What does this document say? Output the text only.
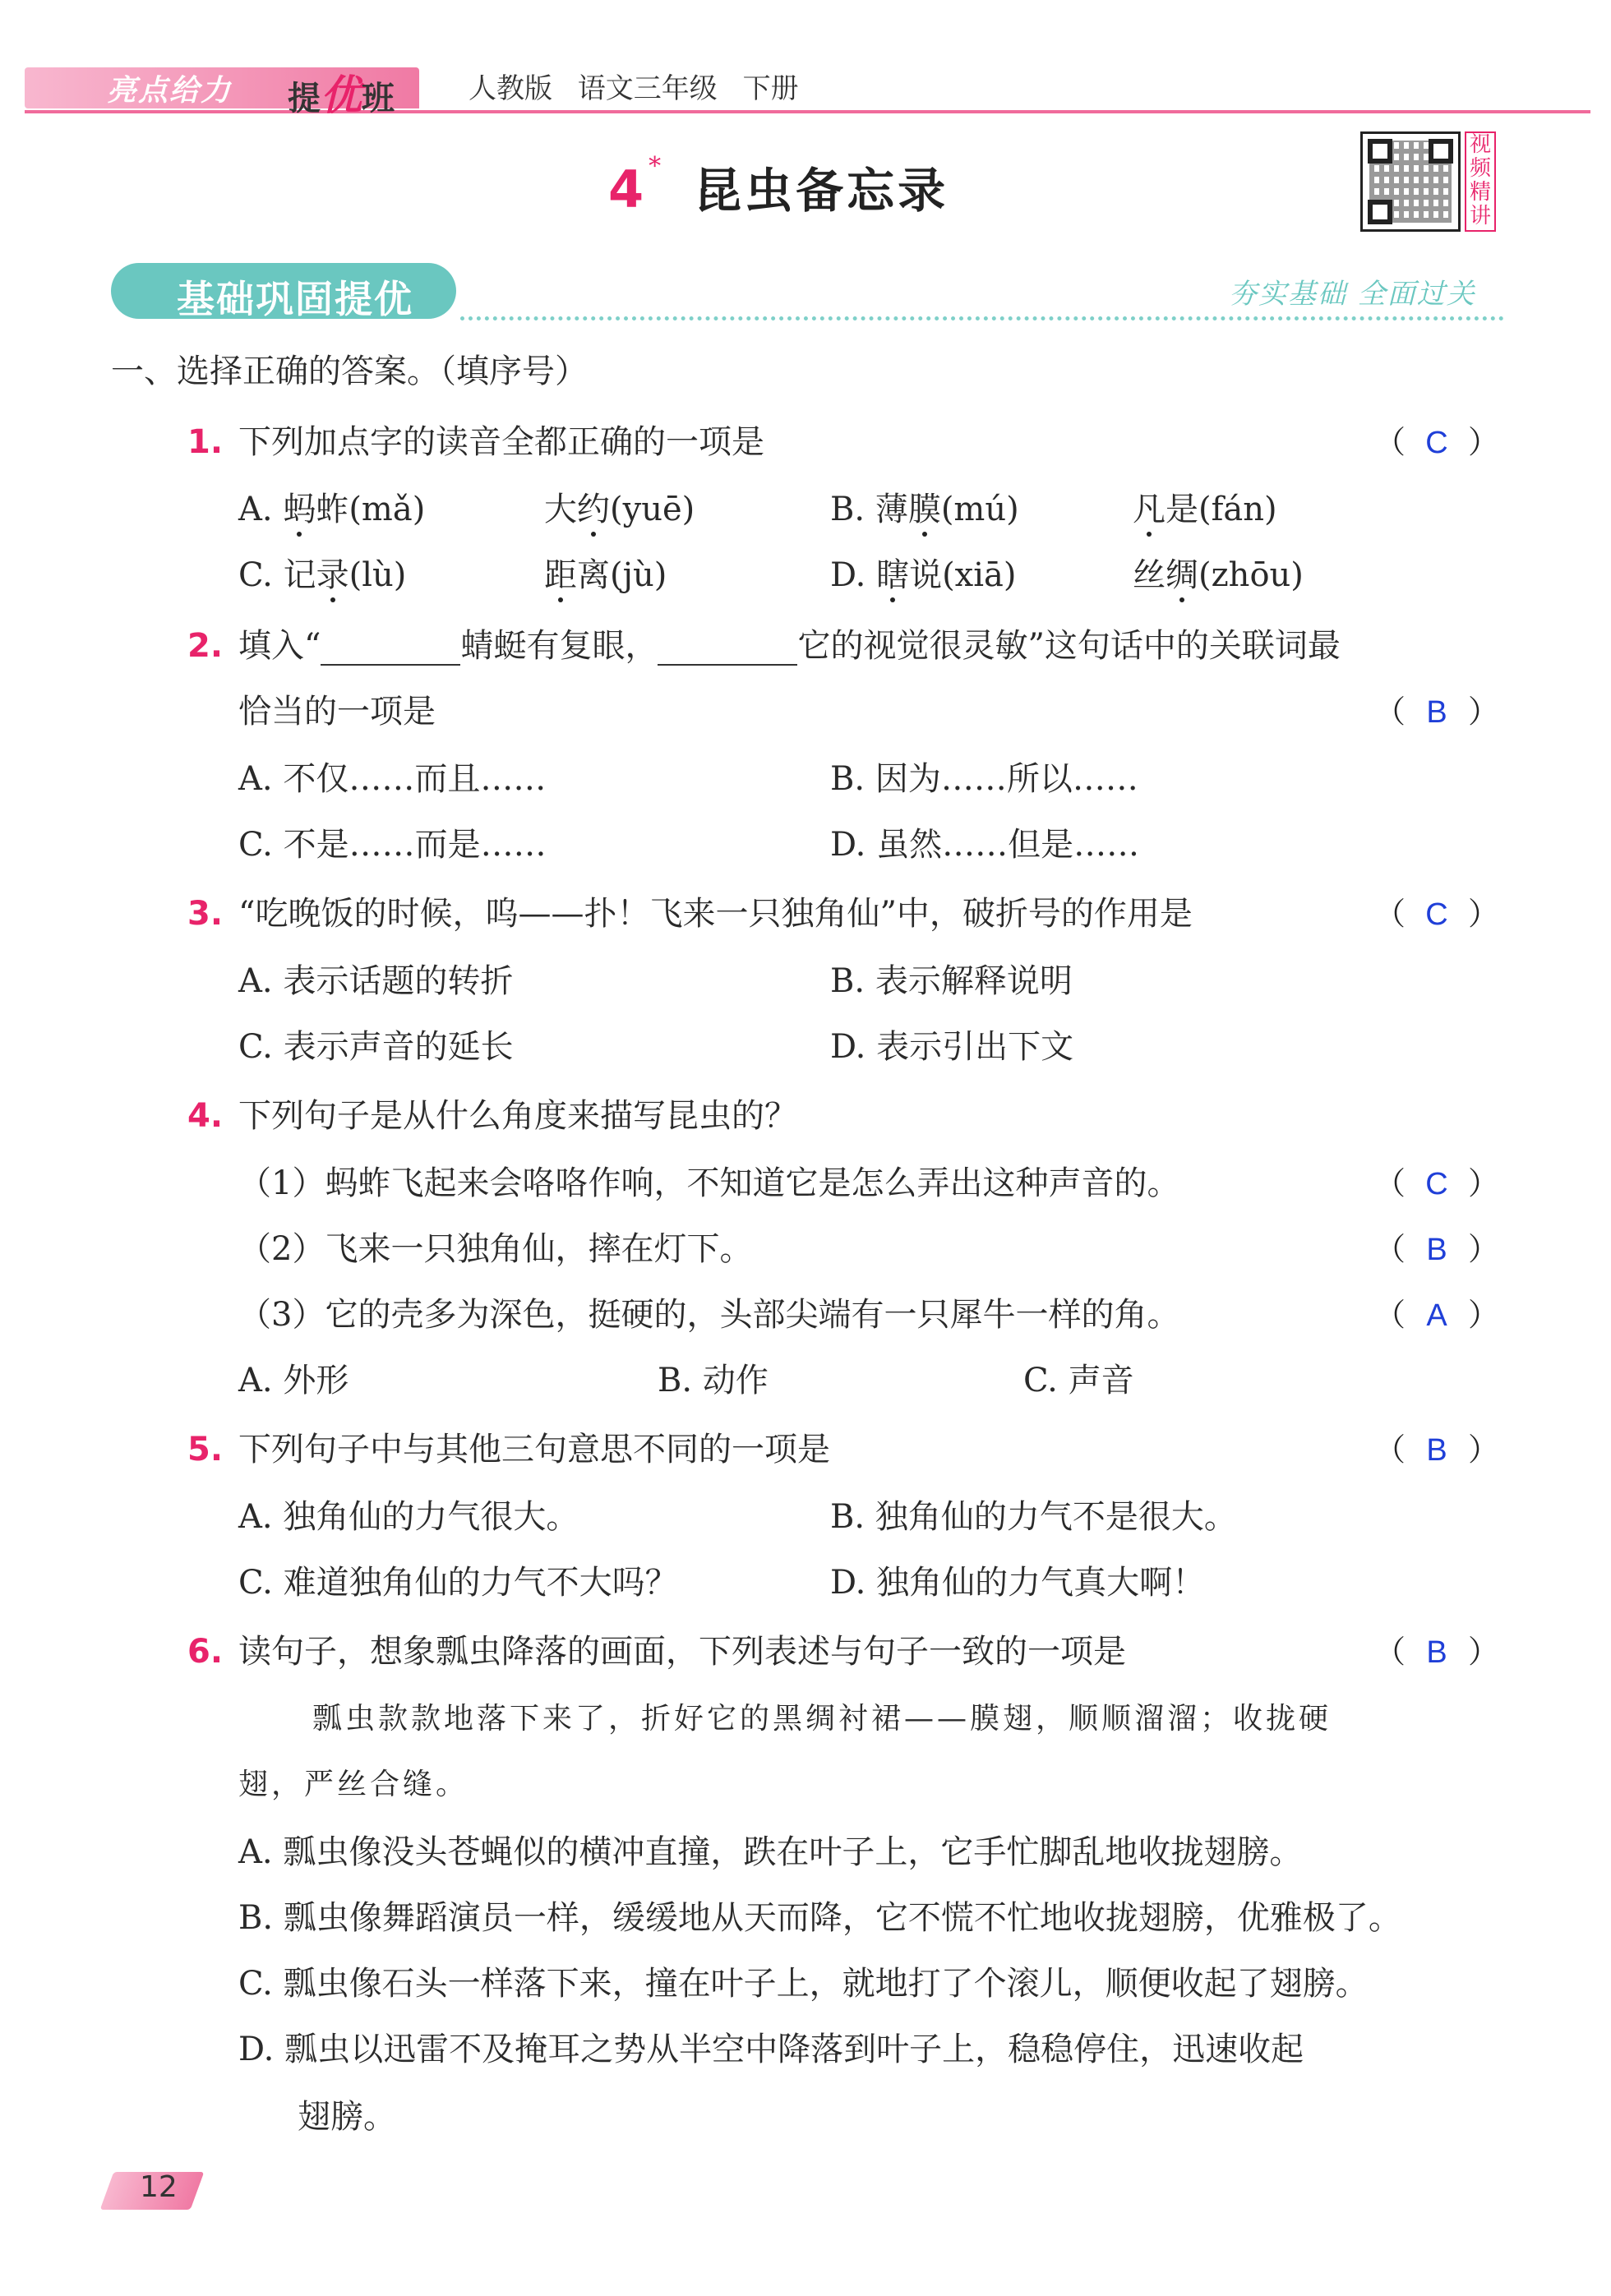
亮点给力 提优班	人教版 语文三年级 下册
4 * 昆虫备忘录
视频精讲
基础巩固提优	夯实基础 全面过关
一、选择正确的答案。（填序号）
1. 下列加点字的读音全都正确的一项是	（ C ）
A. 蚂蚱(mǎ)	大约(yuē)	B. 薄膜(mú)	凡是(fán)
C. 记录(lù)	距离(jù)	D. 瞎说(xiā)	丝绸(zhōu)
2. 填入“	蜻蜓有复眼，	它的视觉很灵敏”这句话中的关联词最
恰当的一项是	（ B ）
A. 不仅……而且……	B. 因为……所以……
C. 不是……而是……	D. 虽然……但是……
3. “吃晚饭的时候，呜——扑！飞来一只独角仙”中，破折号的作用是	（ C ）
A. 表示话题的转折	B. 表示解释说明
C. 表示声音的延长	D. 表示引出下文
4. 下列句子是从什么角度来描写昆虫的？
（1）蚂蚱飞起来会咯咯作响，不知道它是怎么弄出这种声音的。	（ C ）
（2）飞来一只独角仙，摔在灯下。	（ B ）
（3）它的壳多为深色，挺硬的，头部尖端有一只犀牛一样的角。	（ A ）
A. 外形	B. 动作	C. 声音
5. 下列句子中与其他三句意思不同的一项是	（ B ）
A. 独角仙的力气很大。	B. 独角仙的力气不是很大。
C. 难道独角仙的力气不大吗？	D. 独角仙的力气真大啊！
6. 读句子，想象瓢虫降落的画面，下列表述与句子一致的一项是	（ B ）
瓢虫款款地落下来了，折好它的黑绸衬裙——膜翅，顺顺溜溜；收拢硬
翅，严丝合缝。
A. 瓢虫像没头苍蝇似的横冲直撞，跌在叶子上，它手忙脚乱地收拢翅膀。
B. 瓢虫像舞蹈演员一样，缓缓地从天而降，它不慌不忙地收拢翅膀，优雅极了。
C. 瓢虫像石头一样落下来，撞在叶子上，就地打了个滚儿，顺便收起了翅膀。
D. 瓢虫以迅雷不及掩耳之势从半空中降落到叶子上，稳稳停住，迅速收起
翅膀。
12
